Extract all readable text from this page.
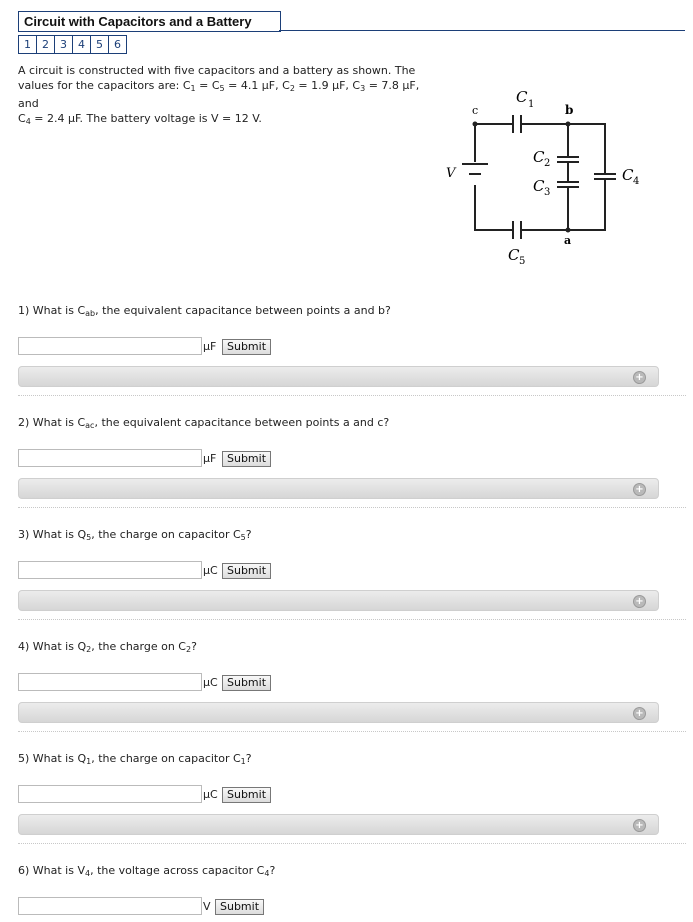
Circuit with Capacitors and a Battery
1	2	3	4	5	6
A circuit is constructed with five capacitors and a battery as shown. The
values for the capacitors are: $C_1 = C_5 = 4.1$ μF, $C_2 = 1.9$ μF, $C_3 = 7.8$ μF, and
$C_4 = 2.4$ μF. The battery voltage is V = 12 V.
c	b
a
V
C 1
C 2
C 3
C 4
C 5
1) What is $C_{ab}$, the equivalent capacitance between points a and b?
μF Submit
+
2) What is $C_{ac}$, the equivalent capacitance between points a and c?
μF Submit
+
3) What is $Q_5$, the charge on capacitor $C_5$?
μC Submit
+
4) What is $Q_2$, the charge on $C_2$?
μC Submit
+
5) What is $Q_1$, the charge on capacitor $C_1$?
μC Submit
+
6) What is $V_4$, the voltage across capacitor $C_4$?
V Submit
